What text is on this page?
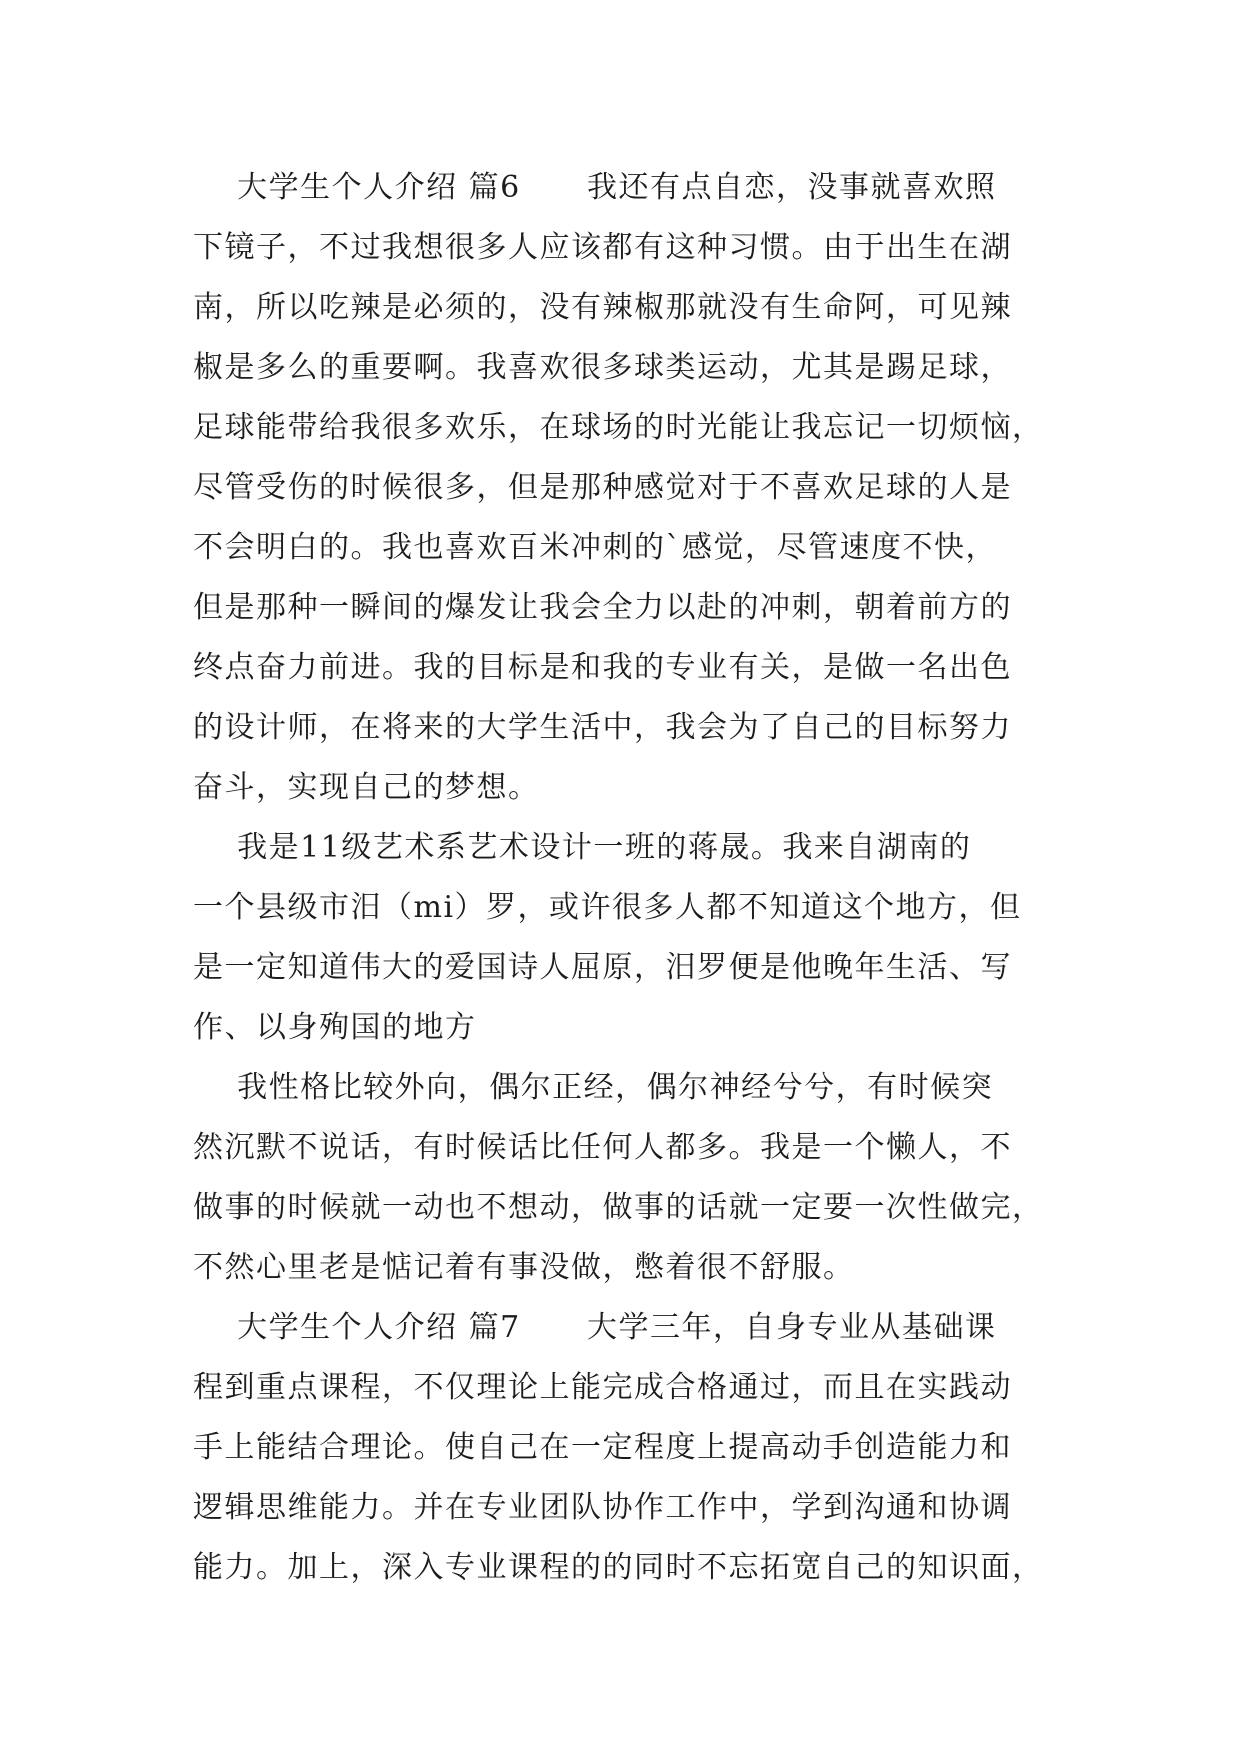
大学生个人介绍 篇6      我还有点自恋，没事就喜欢照
下镜子，不过我想很多人应该都有这种习惯。由于出生在湖
南，所以吃辣是必须的，没有辣椒那就没有生命阿，可见辣
椒是多么的重要啊。我喜欢很多球类运动，尤其是踢足球，
足球能带给我很多欢乐，在球场的时光能让我忘记一切烦恼，
尽管受伤的时候很多，但是那种感觉对于不喜欢足球的人是
不会明白的。我也喜欢百米冲刺的`感觉，尽管速度不快，
但是那种一瞬间的爆发让我会全力以赴的冲刺，朝着前方的
终点奋力前进。我的目标是和我的专业有关，是做一名出色
的设计师，在将来的大学生活中，我会为了自己的目标努力
奋斗，实现自己的梦想。
我是11级艺术系艺术设计一班的蒋晟。我来自湖南的
一个县级市汨（mi）罗，或许很多人都不知道这个地方，但
是一定知道伟大的爱国诗人屈原，汨罗便是他晚年生活、写
作、以身殉国的地方
我性格比较外向，偶尔正经，偶尔神经兮兮，有时候突
然沉默不说话，有时候话比任何人都多。我是一个懒人，不
做事的时候就一动也不想动，做事的话就一定要一次性做完，
不然心里老是惦记着有事没做，憋着很不舒服。
大学生个人介绍 篇7      大学三年，自身专业从基础课
程到重点课程，不仅理论上能完成合格通过，而且在实践动
手上能结合理论。使自己在一定程度上提高动手创造能力和
逻辑思维能力。并在专业团队协作工作中，学到沟通和协调
能力。加上，深入专业课程的的同时不忘拓宽自己的知识面，
